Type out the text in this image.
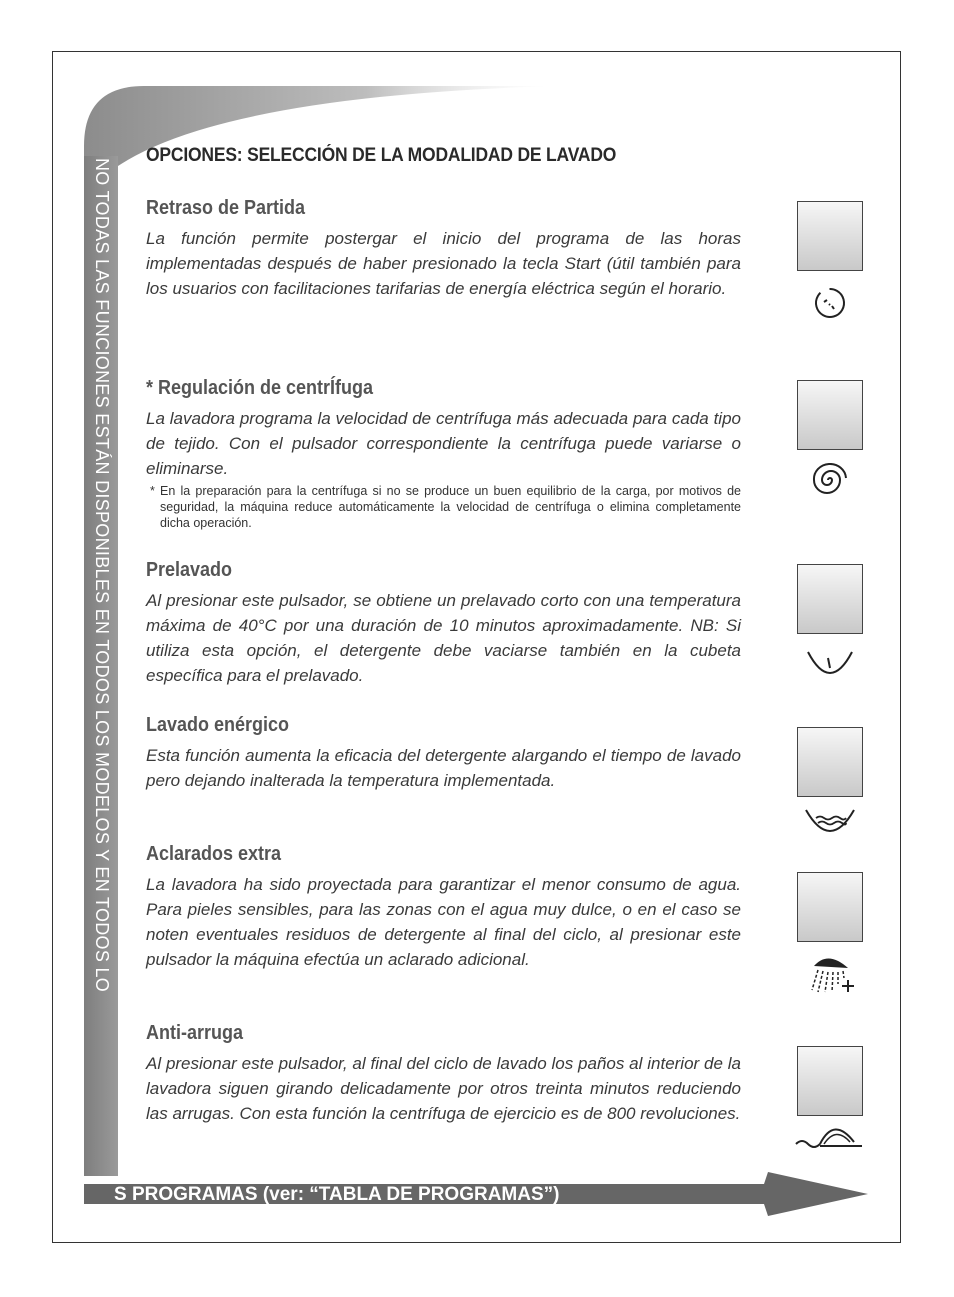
NO TODAS LAS FUNCIONES ESTÁN DISPONIBLES EN TODOS LOS MODELOS Y EN TODOS LO
S PROGRAMAS (ver: “TABLA DE PROGRAMAS”)
OPCIONES: SELECCIÓN DE LA MODALIDAD DE LAVADO
Retraso de Partida

La función permite postergar el inicio del programa de las horas implementadas después de haber presionado la tecla Start (útil también para los usuarios con facilitaciones tarifarias de energía eléctrica según el horario.

* Regulación de centrÍfuga

La lavadora programa la velocidad de centrífuga más adecuada para cada tipo de tejido. Con el pulsador correspondiente la centrífuga puede variarse o eliminarse.

* En la preparación para la centrífuga si no se produce un buen equilibrio de la carga, por motivos de seguridad, la máquina reduce automáticamente la velocidad de centrífuga o elimina completamente dicha operación.
Prelavado

Al presionar este pulsador, se obtiene un prelavado corto con una temperatura máxima de 40°C por una duración de 10 minutos aproximadamente. NB: Si utiliza esta opción, el detergente debe vaciarse también en la cubeta específica para el prelavado.

Lavado enérgico

Esta función aumenta la eficacia del detergente alargando el tiempo de lavado pero dejando inalterada la temperatura implementada.

Aclarados extra

La lavadora ha sido proyectada para garantizar el menor consumo de agua. Para pieles sensibles, para las zonas con el agua muy dulce, o en el caso se noten eventuales residuos de detergente al final del ciclo, al presionar este pulsador la máquina efectúa un aclarado adicional.

Anti-arruga

Al presionar este pulsador, al final del ciclo de lavado los paños al interior de la lavadora siguen girando delicadamente por otros treinta minutos reduciendo las arrugas. Con esta función la centrífuga de ejercicio es de 800 revoluciones.
